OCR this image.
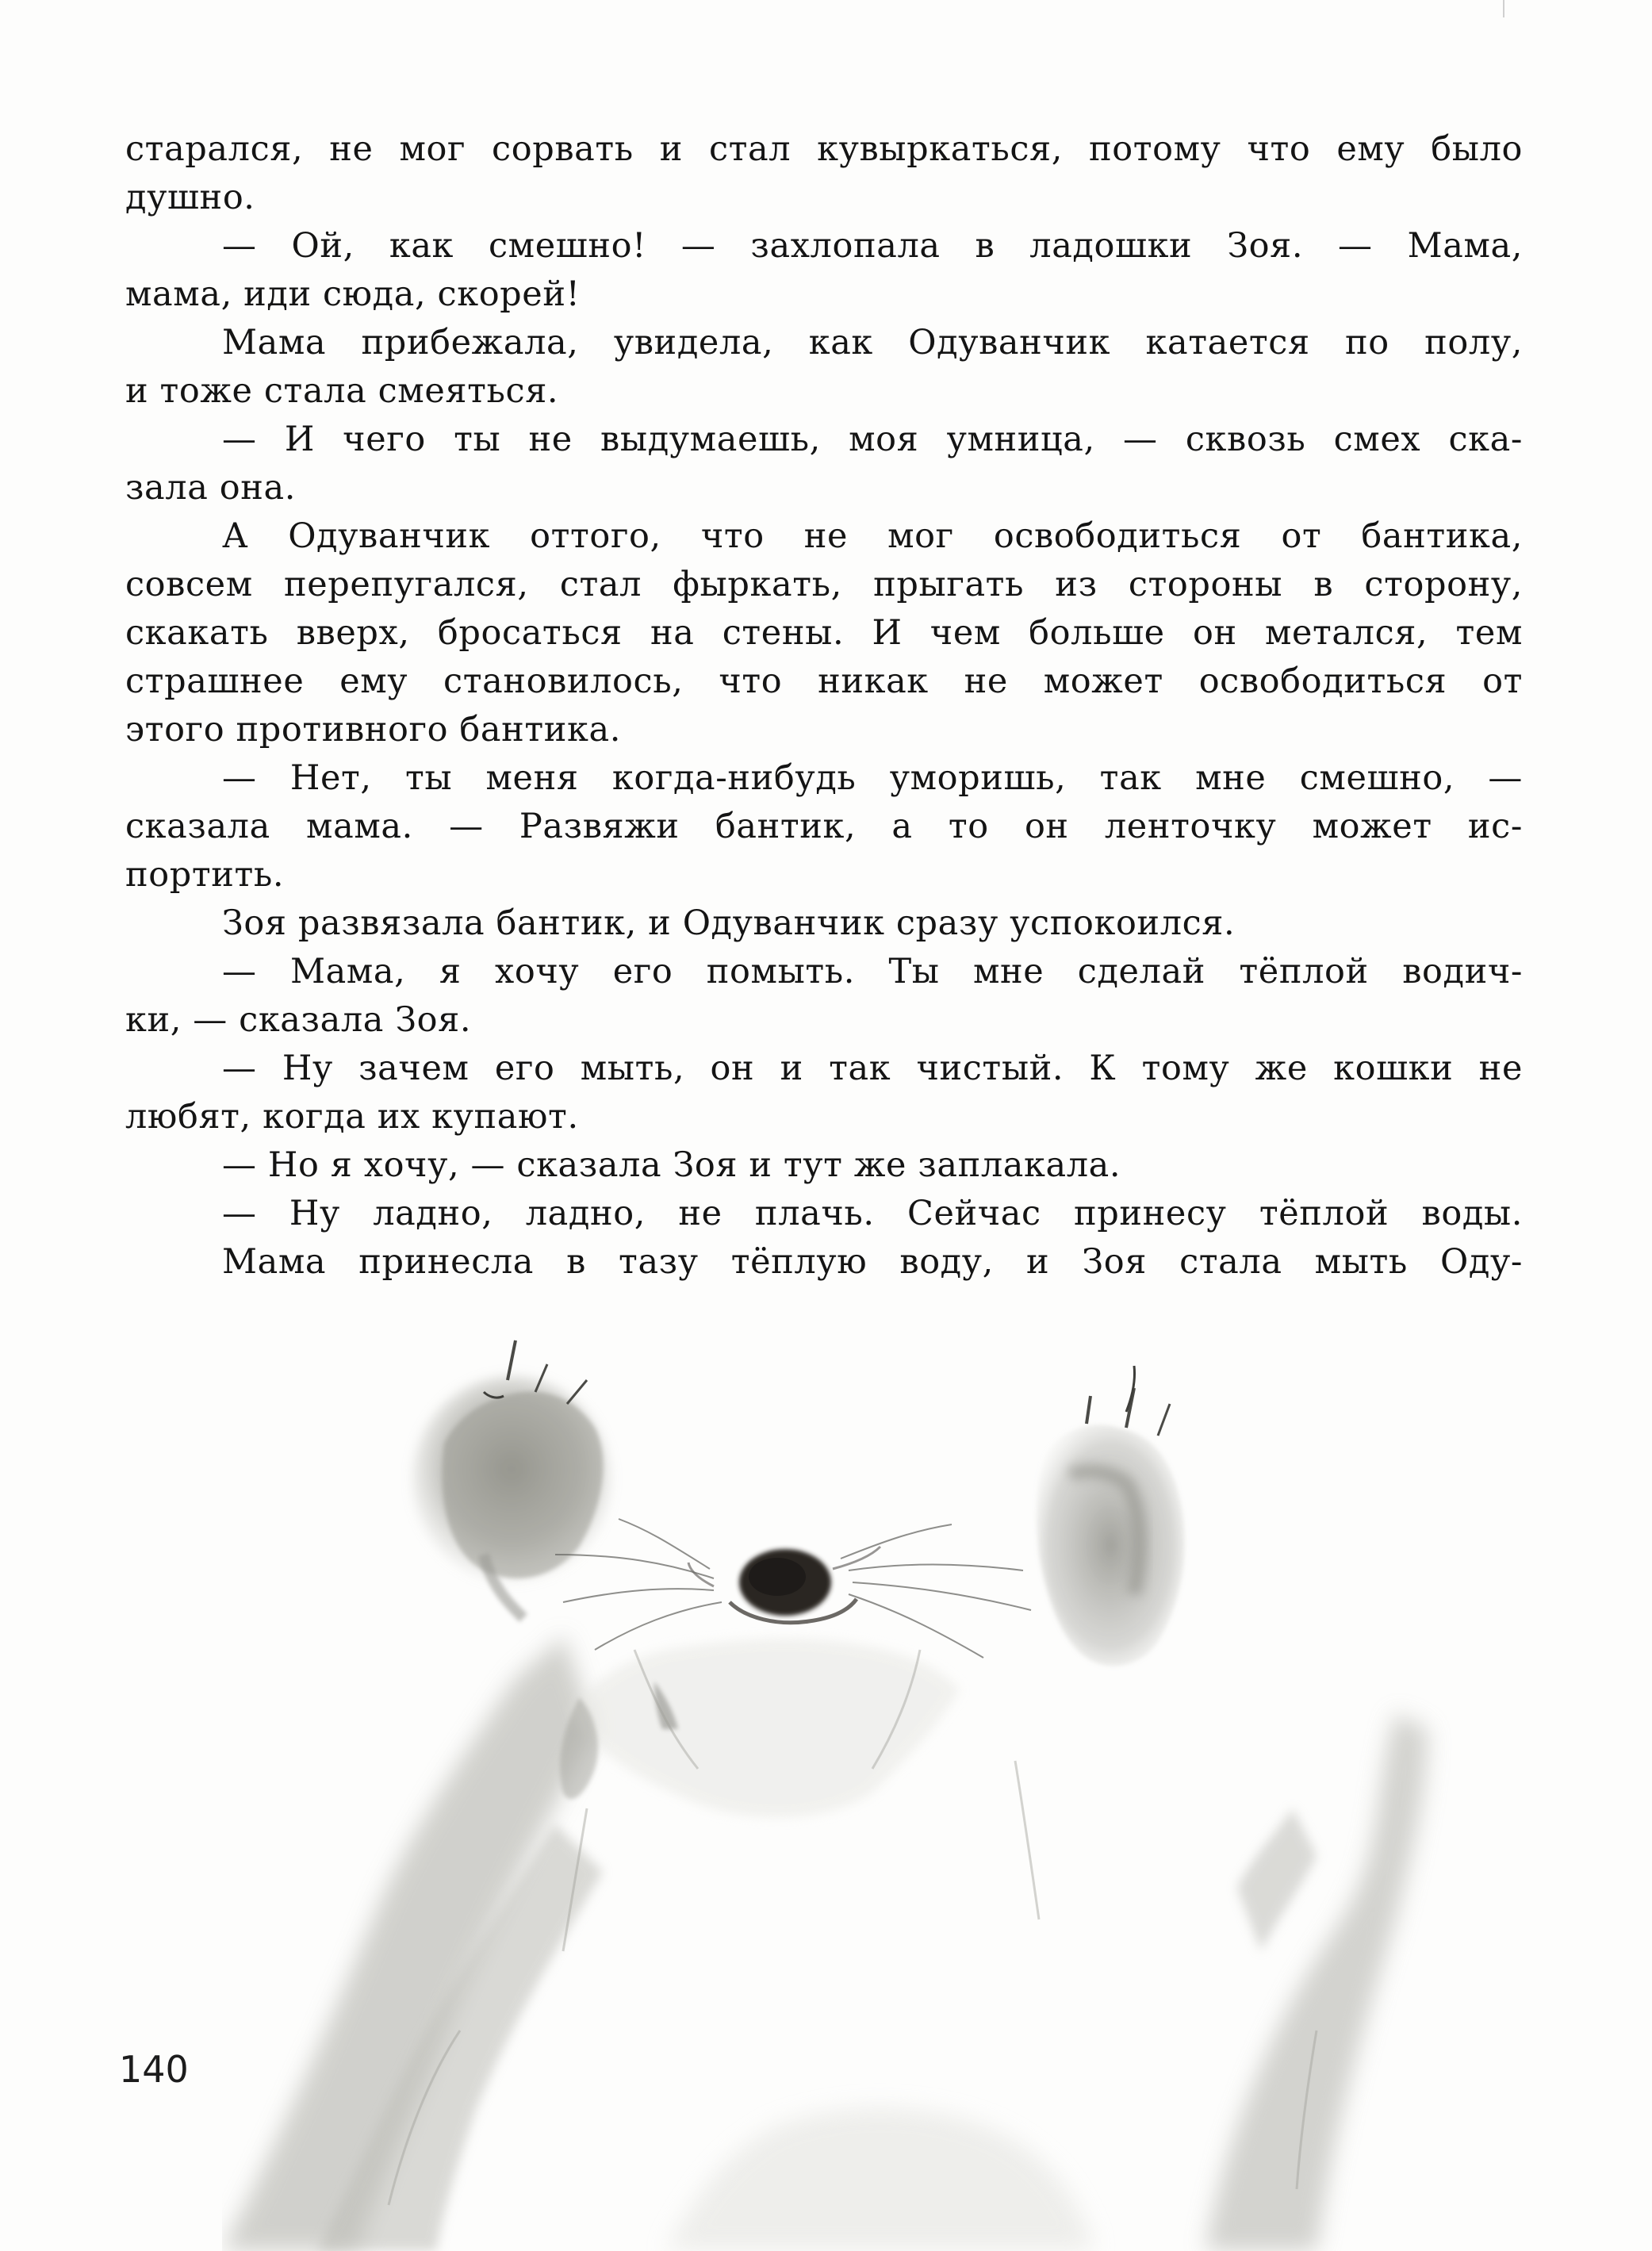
старался, не мог сорвать и стал кувыркаться, потому что ему было
душно.
— Ой, как смешно! — захлопала в ладошки Зоя. — Мама,
мама, иди сюда, скорей!
Мама прибежала, увидела, как Одуванчик катается по полу,
и тоже стала смеяться.
— И чего ты не выдумаешь, моя умница, — сквозь смех ска-
зала она.
А Одуванчик оттого, что не мог освободиться от бантика,
совсем перепугался, стал фыркать, прыгать из стороны в сторону,
скакать вверх, бросаться на стены. И чем больше он метался, тем
страшнее ему становилось, что никак не может освободиться от
этого противного бантика.
— Нет, ты меня когда-нибудь уморишь, так мне смешно, —
сказала мама. — Развяжи бантик, а то он ленточку может ис-
портить.
Зоя развязала бантик, и Одуванчик сразу успокоился.
— Мама, я хочу его помыть. Ты мне сделай тёплой водич-
ки, — сказала Зоя.
— Ну зачем его мыть, он и так чистый. К тому же кошки не
любят, когда их купают.
— Но я хочу, — сказала Зоя и тут же заплакала.
— Ну ладно, ладно, не плачь. Сейчас принесу тёплой воды.
Мама принесла в тазу тёплую воду, и Зоя стала мыть Оду-
140
